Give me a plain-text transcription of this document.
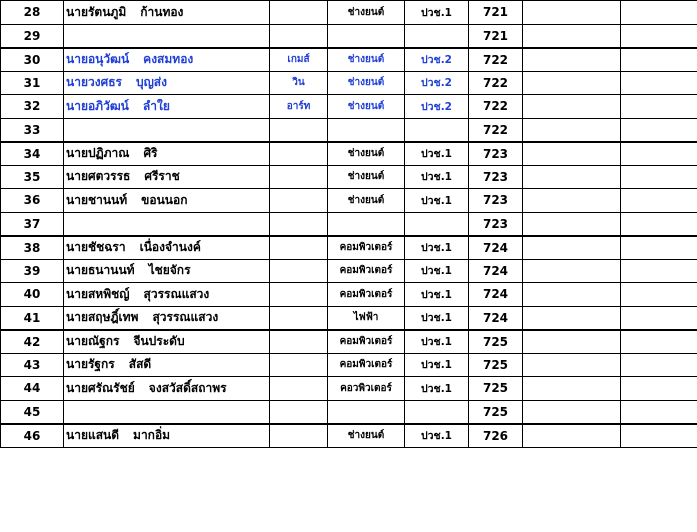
28	นายรัตนภูมิ ก้านทอง		ช่างยนต์	ปวช.1	721		
29					721		
30	นายอนุวัฒน์ คงสมทอง	เกมส์	ช่างยนต์	ปวช.2	722		
31	นายวงศธร บุญส่ง	วิน	ช่างยนต์	ปวช.2	722		
32	นายอภิวัฒน์ ลำใย	อาร์ท	ช่างยนต์	ปวช.2	722		
33					722		
34	นายปฏิภาณ ศิริ		ช่างยนต์	ปวช.1	723		
35	นายศตวรรธ ศรีราช		ช่างยนต์	ปวช.1	723		
36	นายชานนท์ ขอนนอก		ช่างยนต์	ปวช.1	723		
37					723		
38	นายชัชฉรา เนื่องจำนงค์		คอมพิวเตอร์	ปวช.1	724		
39	นายธนานนท์ ไชยจักร		คอมพิวเตอร์	ปวช.1	724		
40	นายสหพิชญ์ สุวรรณแสวง		คอมพิวเตอร์	ปวช.1	724		
41	นายสฤษฎิ์เทพ สุวรรณแสวง		ไฟฟ้า	ปวช.1	724		
42	นายณัฐกร จีนประดับ		คอมพิวเตอร์	ปวช.1	725		
43	นายรัฐกร สัสดี		คอมพิวเตอร์	ปวช.1	725		
44	นายศรัณรัชย์ จงสวัสดิ์สถาพร		คอวพิวเตอร์	ปวช.1	725		
45					725		
46	นายแสนดี มากอิ่ม		ช่างยนต์	ปวช.1	726		
